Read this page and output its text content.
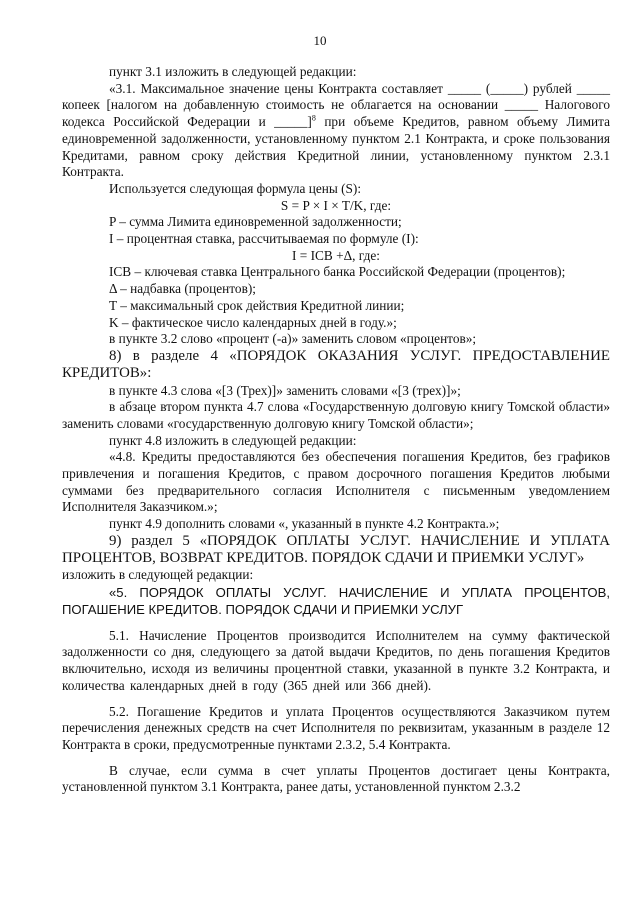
10

пункт 3.1 изложить в следующей редакции:

«3.1. Максимальное значение цены Контракта составляет _____ (_____) рублей _____ копеек [налогом на добавленную стоимость не облагается на основании _____ Налогового кодекса Российской Федерации и _____]$^8$ при объеме Кредитов, равном объему Лимита единовременной задолженности, установленному пунктом 2.1 Контракта, и сроке пользования Кредитами, равном сроку действия Кредитной линии, установленному пунктом 2.3.1 Контракта.

Используется следующая формула цены (S):

S = P × I × T/K, где:

P – сумма Лимита единовременной задолженности;

I – процентная ставка, рассчитываемая по формуле (I):

I = ICB +Δ, где:

ICB – ключевая ставка Центрального банка Российской Федерации (процентов);

Δ – надбавка (процентов);

T – максимальный срок действия Кредитной линии;

K – фактическое число календарных дней в году.»;

в пункте 3.2 слово «процент (-а)» заменить словом «процентов»;

8) в разделе 4 «ПОРЯДОК ОКАЗАНИЯ УСЛУГ. ПРЕДОСТАВЛЕНИЕ КРЕДИТОВ»:

в пункте 4.3 слова «[3 (Трех)]» заменить словами «[3 (трех)]»;

в абзаце втором пункта 4.7 слова «Государственную долговую книгу Томской области» заменить словами «государственную долговую книгу Томской области»;

пункт 4.8 изложить в следующей редакции:

«4.8. Кредиты предоставляются без обеспечения погашения Кредитов, без графиков привлечения и погашения Кредитов, с правом досрочного погашения Кредитов любыми суммами без предварительного согласия Исполнителя с письменным уведомлением Исполнителя Заказчиком.»;

пункт 4.9 дополнить словами «, указанный в пункте 4.2 Контракта.»;

9) раздел 5 «ПОРЯДОК ОПЛАТЫ УСЛУГ. НАЧИСЛЕНИЕ И УПЛАТА ПРОЦЕНТОВ, ВОЗВРАТ КРЕДИТОВ. ПОРЯДОК СДАЧИ И ПРИЕМКИ УСЛУГ»

изложить в следующей редакции:

«5. ПОРЯДОК ОПЛАТЫ УСЛУГ. НАЧИСЛЕНИЕ И УПЛАТА ПРОЦЕНТОВ, ПОГАШЕНИЕ КРЕДИТОВ. ПОРЯДОК СДАЧИ И ПРИЕМКИ УСЛУГ

5.1. Начисление Процентов производится Исполнителем на сумму фактической задолженности со дня, следующего за датой выдачи Кредитов, по день погашения Кредитов включительно, исходя из величины процентной ставки, указанной в пункте 3.2 Контракта, и количества календарных дней в году (365 дней или 366 дней).

5.2. Погашение Кредитов и уплата Процентов осуществляются Заказчиком путем перечисления денежных средств на счет Исполнителя по реквизитам, указанным в разделе 12 Контракта в сроки, предусмотренные пунктами 2.3.2, 5.4 Контракта.

В случае, если сумма в счет уплаты Процентов достигает цены Контракта, установленной пунктом 3.1 Контракта, ранее даты, установленной пунктом 2.3.2
